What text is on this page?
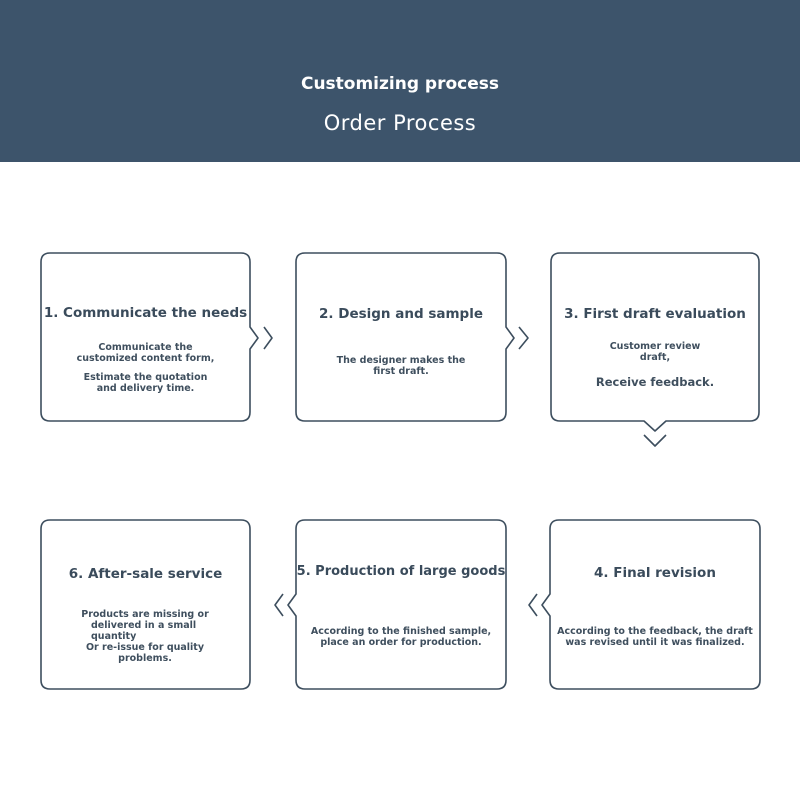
Customizing process
Order Process
1. Communicate the needs
Communicate the
customized content form,
Estimate the quotation
and delivery time.
2. Design and sample
The designer makes the
first draft.
3. First draft evaluation
Customer review
draft,
Receive feedback.
6. After-sale service
Products are missing or
delivered in a small
quantity
Or re-issue for quality
problems.
5. Production of large goods
According to the finished sample,
place an order for production.
4. Final revision
According to the feedback, the draft
was revised until it was finalized.
